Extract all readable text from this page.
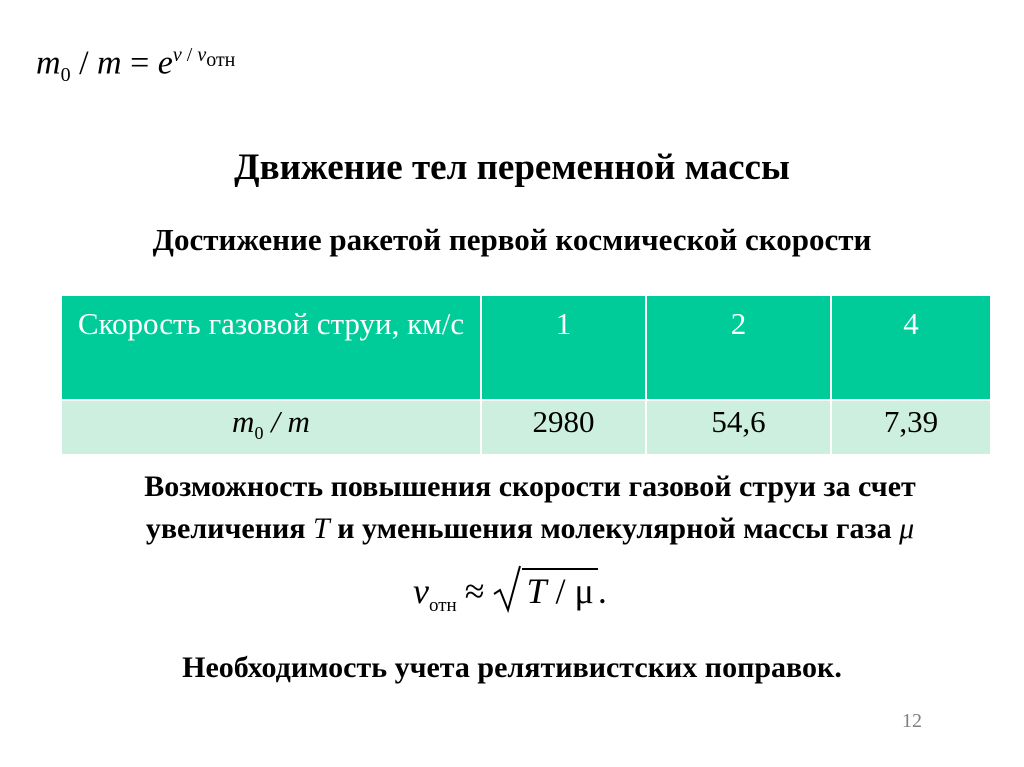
$m_0 / m = e^{v / v_{отн}}$
Движение тел переменной массы
Достижение ракетой первой космической скорости
Скорость газовой струи, км/с	1	2	4
$m_0$ / m	2980	54,6	7,39
Возможность повышения скорости газовой струи за счет увеличения T и уменьшения молекулярной массы газа μ
$v_{отн} \approx T / \mu$ .
Необходимость учета релятивистских поправок.
12
